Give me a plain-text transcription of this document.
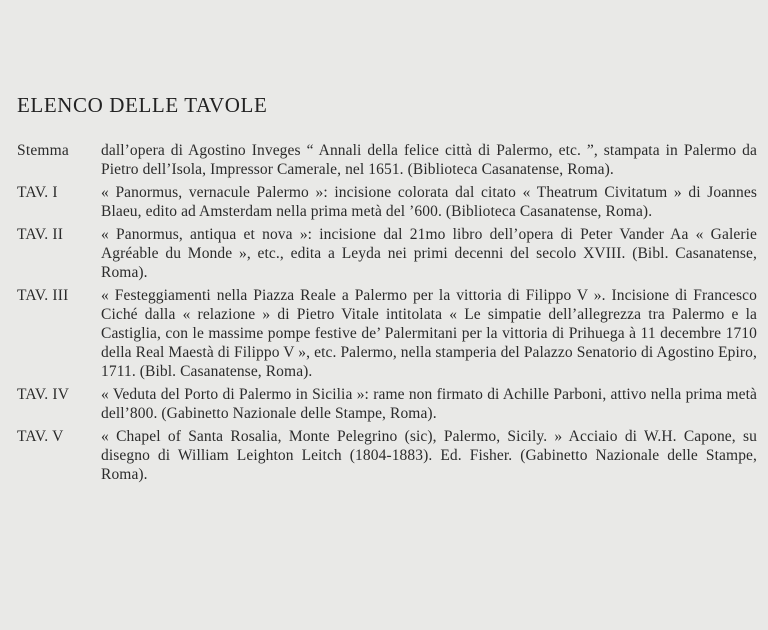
ELENCO DELLE TAVOLE
Stemma	dall’opera di Agostino Inveges “ Annali della felice città di Palermo, etc. ”, stampata in Palermo da Pietro dell’Isola, Impressor Camerale, nel 1651. (Biblioteca Casanatense, Roma).
TAV. I	« Panormus, vernacule Palermo »: incisione colorata dal citato « Theatrum Civitatum » di Joannes Blaeu, edito ad Amsterdam nella prima metà del ’600. (Biblioteca Casanatense, Roma).
TAV. II	« Panormus, antiqua et nova »: incisione dal 21mo libro dell’opera di Peter Vander Aa « Galerie Agréable du Monde », etc., edita a Leyda nei primi decenni del secolo XVIII. (Bibl. Casanatense, Roma).
TAV. III	« Festeggiamenti nella Piazza Reale a Palermo per la vittoria di Filippo V ». Incisione di Francesco Ciché dalla « relazione » di Pietro Vitale intitolata « Le simpatie dell’allegrezza tra Palermo e la Castiglia, con le massime pompe festive de’ Palermitani per la vittoria di Prihuega à 11 decembre 1710 della Real Maestà di Filippo V », etc. Palermo, nella stamperia del Palazzo Senatorio di Agostino Epiro, 1711. (Bibl. Casanatense, Roma).
TAV. IV	« Veduta del Porto di Palermo in Sicilia »: rame non firmato di Achille Parboni, attivo nella prima metà dell’800. (Gabinetto Nazionale delle Stampe, Roma).
TAV. V	« Chapel of Santa Rosalia, Monte Pelegrino (sic), Palermo, Sicily. » Acciaio di W.H. Capone, su disegno di William Leighton Leitch (1804-1883). Ed. Fisher. (Gabinetto Nazionale delle Stampe, Roma).
